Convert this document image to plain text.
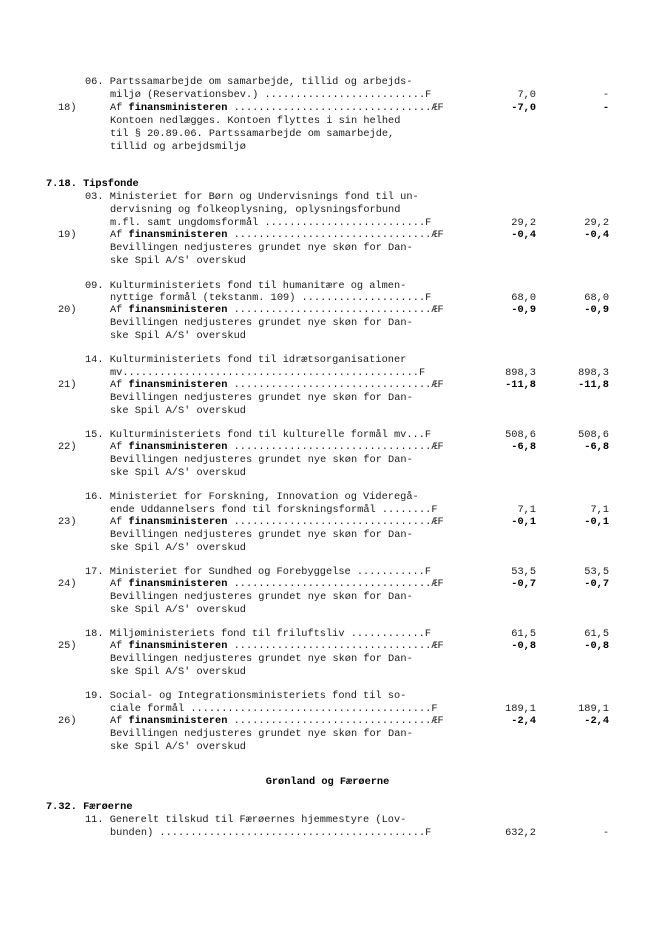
06. Partssamarbejde om samarbejde, tillid og arbejds-
miljø (Reservationsbev.) ..........................F	7,0	-
18)	Af finansministeren ................................ÆF	-7,0	-
Kontoen nedlægges. Kontoen flyttes i sin helhed
til § 20.89.06. Partssamarbejde om samarbejde,
tillid og arbejdsmiljø
7.18. Tipsfonde
03. Ministeriet for Børn og Undervisnings fond til un-
dervisning og folkeoplysning, oplysningsforbund
m.fl. samt ungdomsformål ..........................F	29,2	29,2
19)	Af finansministeren ................................ÆF	-0,4	-0,4
Bevillingen nedjusteres grundet nye skøn for Dan-
ske Spil A/S' overskud
09. Kulturministeriets fond til humanitære og almen-
nyttige formål (tekstanm. 109) ....................F	68,0	68,0
20)	Af finansministeren ................................ÆF	-0,9	-0,9
Bevillingen nedjusteres grundet nye skøn for Dan-
ske Spil A/S' overskud
14. Kulturministeriets fond til idrætsorganisationer
mv................................................F	898,3	898,3
21)	Af finansministeren ................................ÆF	-11,8	-11,8
Bevillingen nedjusteres grundet nye skøn for Dan-
ske Spil A/S' overskud
15. Kulturministeriets fond til kulturelle formål mv...F	508,6	508,6
22)	Af finansministeren ................................ÆF	-6,8	-6,8
Bevillingen nedjusteres grundet nye skøn for Dan-
ske Spil A/S' overskud
16. Ministeriet for Forskning, Innovation og Videregå-
ende Uddannelsers fond til forskningsformål ........F	7,1	7,1
23)	Af finansministeren ................................ÆF	-0,1	-0,1
Bevillingen nedjusteres grundet nye skøn for Dan-
ske Spil A/S' overskud
17. Ministeriet for Sundhed og Forebyggelse ...........F	53,5	53,5
24)	Af finansministeren ................................ÆF	-0,7	-0,7
Bevillingen nedjusteres grundet nye skøn for Dan-
ske Spil A/S' overskud
18. Miljøministeriets fond til friluftsliv ............F	61,5	61,5
25)	Af finansministeren ................................ÆF	-0,8	-0,8
Bevillingen nedjusteres grundet nye skøn for Dan-
ske Spil A/S' overskud
19. Social- og Integrationsministeriets fond til so-
ciale formål .......................................F	189,1	189,1
26)	Af finansministeren ................................ÆF	-2,4	-2,4
Bevillingen nedjusteres grundet nye skøn for Dan-
ske Spil A/S' overskud
Grønland og Færøerne
7.32. Færøerne
11. Generelt tilskud til Færøernes hjemmestyre (Lov-
bunden) ...........................................F	632,2	-
